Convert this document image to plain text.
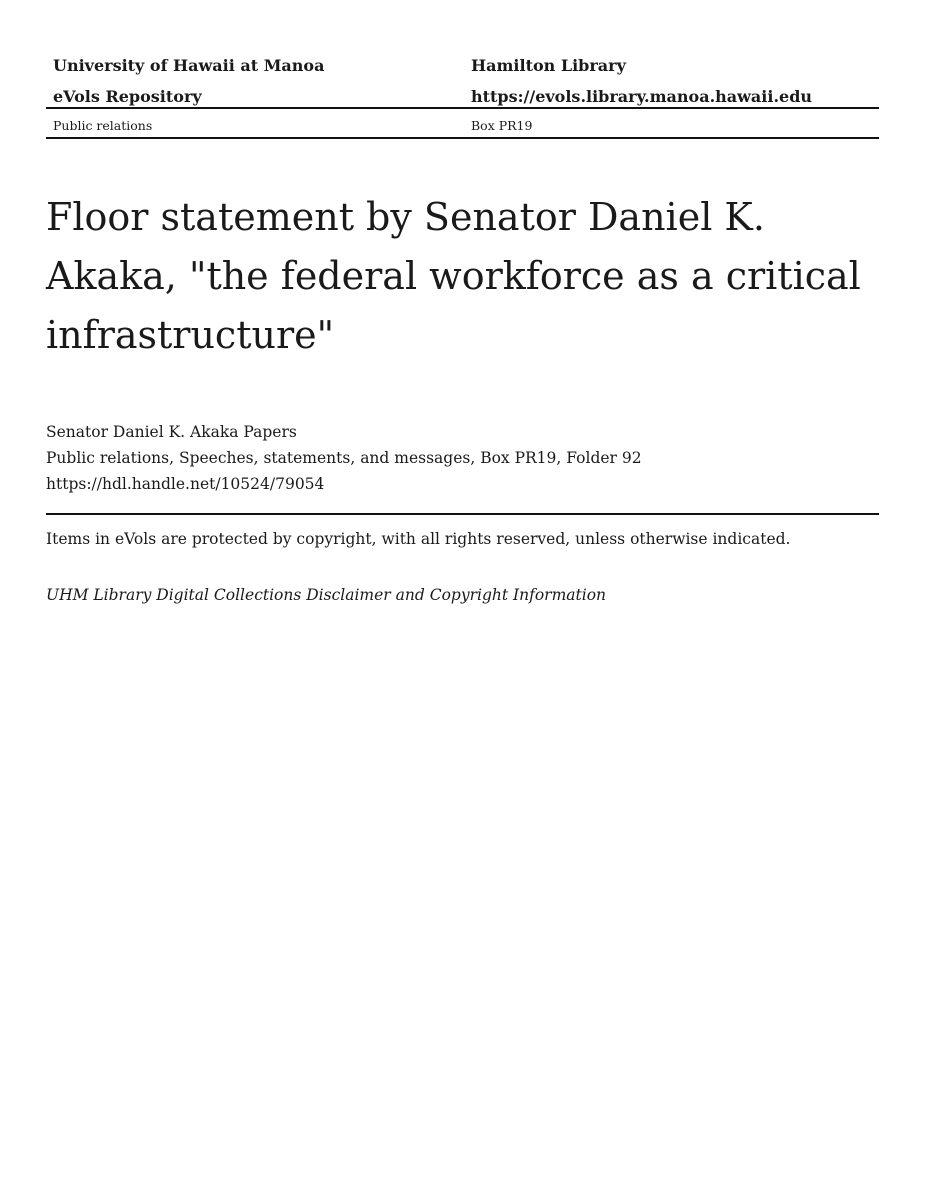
University of Hawaii at Manoa	Hamilton Library
eVols Repository	https://evols.library.manoa.hawaii.edu
Public relations	Box PR19
Floor statement by Senator Daniel K. Akaka, "the federal workforce as a critical infrastructure"
Senator Daniel K. Akaka Papers
Public relations, Speeches, statements, and messages, Box PR19, Folder 92
https://hdl.handle.net/10524/79054
Items in eVols are protected by copyright, with all rights reserved, unless otherwise indicated.
UHM Library Digital Collections Disclaimer and Copyright Information
